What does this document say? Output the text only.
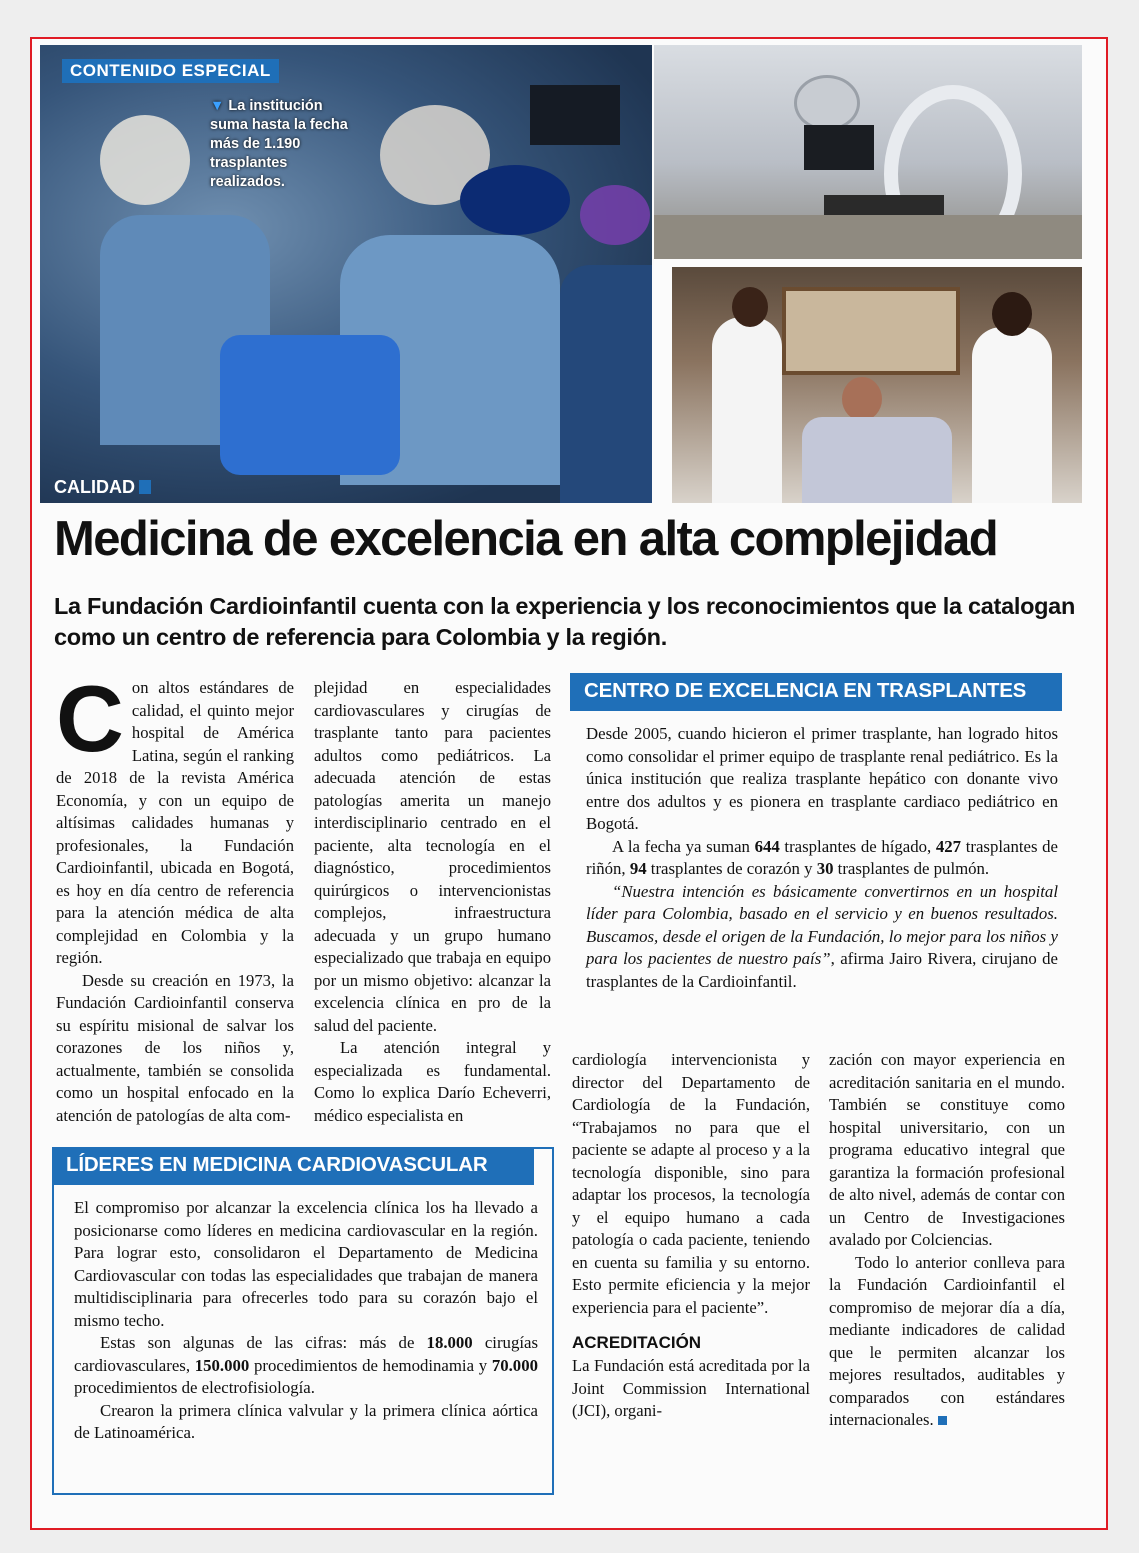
CONTENIDO ESPECIAL
▼ La institución suma hasta la fecha más de 1.190 trasplantes realizados.
CALIDAD
Medicina de excelencia en alta complejidad

La Fundación Cardioinfantil cuenta con la experiencia y los reconocimientos que la catalogan como un centro de referencia para Colombia y la región.

C on altos estándares de calidad, el quinto mejor hospital de América Latina, según el ranking de 2018 de la revista América Economía, y con un equipo de altísimas calidades humanas y profesionales, la Fundación Cardioinfantil, ubicada en Bogotá, es hoy en día centro de referencia para la atención médica de alta complejidad en Colombia y la región.

Desde su creación en 1973, la Fundación Cardioinfantil conserva su espíritu misional de salvar los corazones de los niños y, actualmente, también se consolida como un hospital enfocado en la atención de patologías de alta com-

plejidad en especialidades cardiovasculares y cirugías de trasplante tanto para pacientes adultos como pediátricos. La adecuada atención de estas patologías amerita un manejo interdisciplinario centrado en el paciente, alta tecnología en el diagnóstico, procedimientos quirúrgicos o intervencionistas complejos, infraestructura adecuada y un grupo humano especializado que trabaja en equipo por un mismo objetivo: alcanzar la excelencia clínica en pro de la salud del paciente.

La atención integral y especializada es fundamental. Como lo explica Darío Echeverri, médico especialista en

CENTRO DE EXCELENCIA EN TRASPLANTES

Desde 2005, cuando hicieron el primer trasplante, han logrado hitos como consolidar el primer equipo de trasplante renal pediátrico. Es la única institución que realiza trasplante hepático con donante vivo entre dos adultos y es pionera en trasplante cardiaco pediátrico en Bogotá.

A la fecha ya suman 644 trasplantes de hígado, 427 trasplantes de riñón, 94 trasplantes de corazón y 30 trasplantes de pulmón.

“Nuestra intención es básicamente convertirnos en un hospital líder para Colombia, basado en el servicio y en buenos resultados. Buscamos, desde el origen de la Fundación, lo mejor para los niños y para los pacientes de nuestro país”, afirma Jairo Rivera, cirujano de trasplantes de la Cardioinfantil.

cardiología intervencionista y director del Departamento de Cardiología de la Fundación, “Trabajamos no para que el paciente se adapte al proceso y a la tecnología disponible, sino para adaptar los procesos, la tecnología y el equipo humano a cada patología o cada paciente, teniendo en cuenta su familia y su entorno. Esto permite eficiencia y la mejor experiencia para el paciente”.

ACREDITACIÓN

La Fundación está acreditada por la Joint Commission International (JCI), organi-

zación con mayor experiencia en acreditación sanitaria en el mundo. También se constituye como hospital universitario, con un programa educativo integral que garantiza la formación profesional de alto nivel, además de contar con un Centro de Investigaciones avalado por Colciencias.

Todo lo anterior conlleva para la Fundación Cardioinfantil el compromiso de mejorar día a día, mediante indicadores de calidad que le permiten alcanzar los mejores resultados, auditables y comparados con estándares internacionales.

LÍDERES EN MEDICINA CARDIOVASCULAR

El compromiso por alcanzar la excelencia clínica los ha llevado a posicionarse como líderes en medicina cardiovascular en la región. Para lograr esto, consolidaron el Departamento de Medicina Cardiovascular con todas las especialidades que trabajan de manera multidisciplinaria para ofrecerles todo para su corazón bajo el mismo techo.

Estas son algunas de las cifras: más de 18.000 cirugías cardiovasculares, 150.000 procedimientos de hemodinamia y 70.000 procedimientos de electrofisiología.

Crearon la primera clínica valvular y la primera clínica aórtica de Latinoamérica.
